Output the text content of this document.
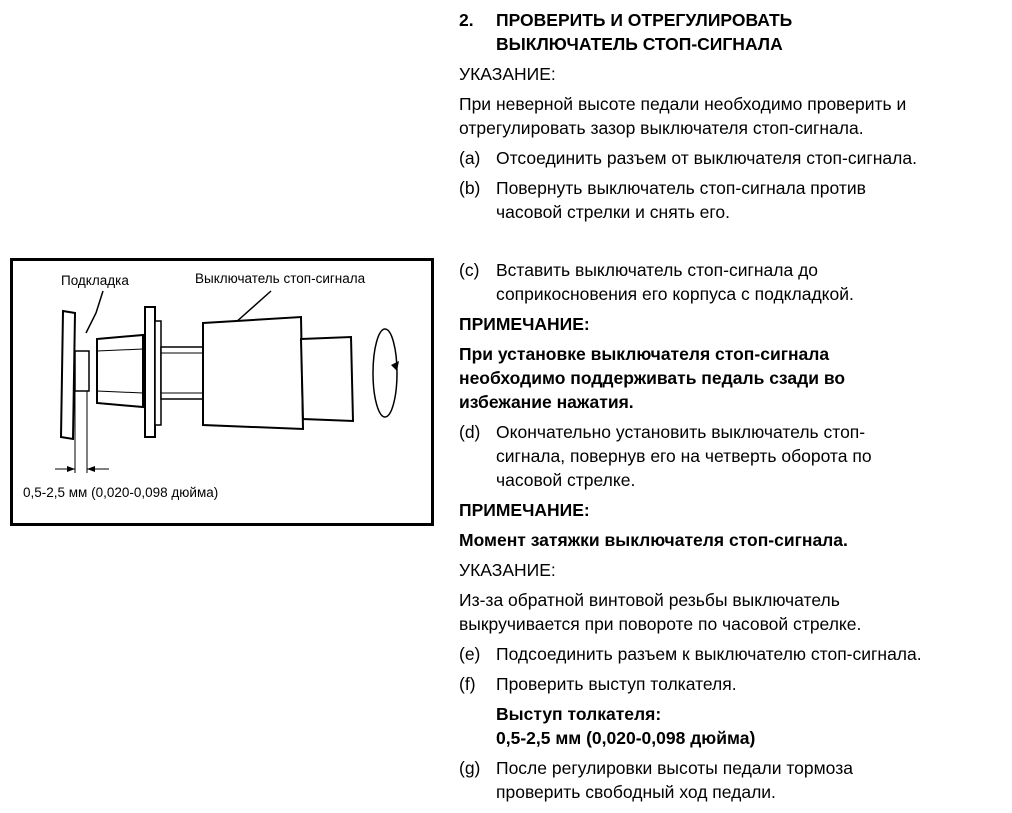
Подкладка	Выключатель стоп-сигнала
0,5-2,5 мм (0,020-0,098 дюйма)
2.	ПРОВЕРИТЬ И ОТРЕГУЛИРОВАТЬ
ВЫКЛЮЧАТЕЛЬ СТОП-СИГНАЛА
УКАЗАНИЕ:
При неверной высоте педали необходимо проверить и
отрегулировать зазор выключателя стоп-сигнала.
(a) Отсоединить разъем от выключателя стоп-сигнала.
(b) Повернуть выключатель стоп-сигнала против
часовой стрелки и снять его.
(c) Вставить выключатель стоп-сигнала до
соприкосновения его корпуса с подкладкой.
ПРИМЕЧАНИЕ:
При установке выключателя стоп-сигнала
необходимо поддерживать педаль сзади во
избежание нажатия.
(d) Окончательно установить выключатель стоп-
сигнала, повернув его на четверть оборота по
часовой стрелке.
ПРИМЕЧАНИЕ:
Момент затяжки выключателя стоп-сигнала.
УКАЗАНИЕ:
Из-за обратной винтовой резьбы выключатель
выкручивается при повороте по часовой стрелке.
(e) Подсоединить разъем к выключателю стоп-сигнала.
(f)	Проверить выступ толкателя.
Выступ толкателя:
0,5-2,5 мм (0,020-0,098 дюйма)
(g) После регулировки высоты педали тормоза
проверить свободный ход педали.
